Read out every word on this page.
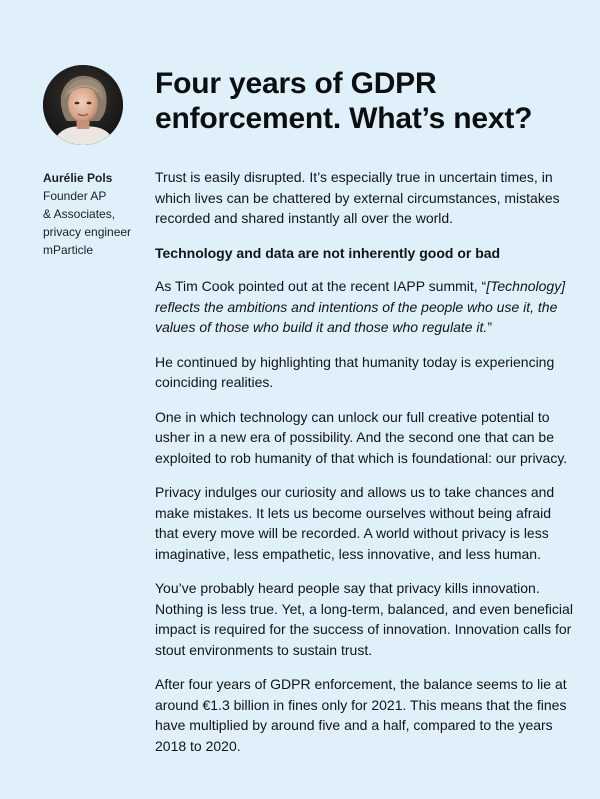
Four years of GDPR
enforcement. What’s next?
Aurélie Pols
Founder AP
& Associates,
privacy engineer
mParticle

Trust is easily disrupted. It’s especially true in uncertain times, in which lives can be chattered by external circumstances, mistakes recorded and shared instantly all over the world.

Technology and data are not inherently good or bad

As Tim Cook pointed out at the recent IAPP summit, “[Technology] reflects the ambitions and intentions of the people who use it, the values of those who build it and those who regulate it.”

He continued by highlighting that humanity today is experiencing coinciding realities.

One in which technology can unlock our full creative potential to usher in a new era of possibility. And the second one that can be exploited to rob humanity of that which is foundational: our privacy.

Privacy indulges our curiosity and allows us to take chances and make mistakes. It lets us become ourselves without being afraid that every move will be recorded. A world without privacy is less imaginative, less empathetic, less innovative, and less human.

You’ve probably heard people say that privacy kills innovation. Nothing is less true. Yet, a long-term, balanced, and even beneficial impact is required for the success of innovation. Innovation calls for stout environments to sustain trust.

After four years of GDPR enforcement, the balance seems to lie at around €1.3 billion in fines only for 2021. This means that the fines have multiplied by around five and a half, compared to the years 2018 to 2020.
